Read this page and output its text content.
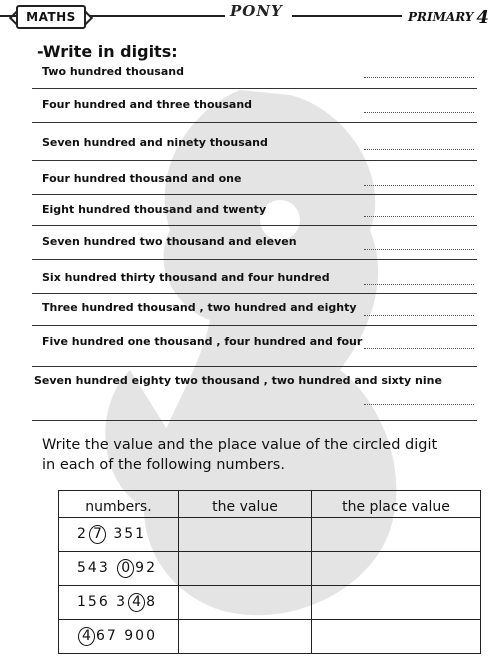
MATHS	PONY	PRIMARY 4
-Write in digits:
Two hundred thousand
Four hundred and three thousand
Seven hundred and ninety thousand
Four hundred thousand and one
Eight hundred thousand and twenty
Seven hundred two thousand and eleven
Six hundred thirty thousand and four hundred
Three hundred thousand , two hundred and eighty
Five hundred one thousand , four hundred and four
Seven hundred eighty two thousand , two hundred and sixty nine
Write the value and the place value of the circled digit
in each of the following numbers.
numbers.	the value	the place value
2 7 351		
543 0 92		
156 3 4 8		
4 67 900		
